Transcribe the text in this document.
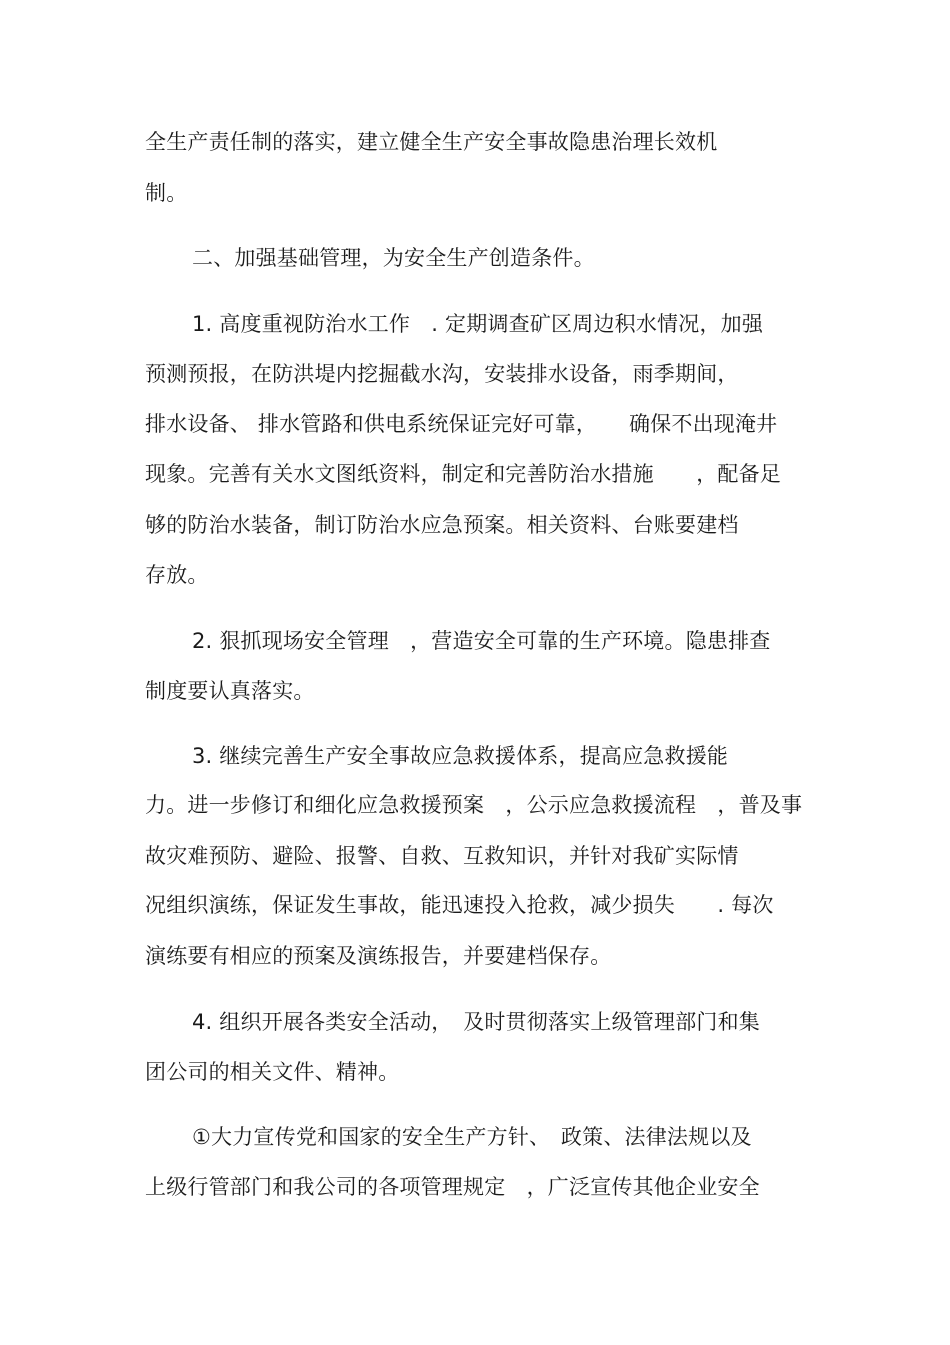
全生产责任制的落实，建立健全生产安全事故隐患治理长效机

制。

二、加强基础管理，为安全生产创造条件。

1. 高度重视防治水工作　. 定期调查矿区周边积水情况，加强

预测预报，在防洪堤内挖掘截水沟，安装排水设备，雨季期间，

排水设备、 排水管路和供电系统保证完好可靠，　　确保不出现淹井

现象。完善有关水文图纸资料，制定和完善防治水措施　　，配备足

够的防治水装备，制订防治水应急预案。相关资料、台账要建档

存放。

2. 狠抓现场安全管理　，营造安全可靠的生产环境。隐患排查

制度要认真落实。

3. 继续完善生产安全事故应急救援体系，提高应急救援能

力。进一步修订和细化应急救援预案　，公示应急救援流程　，普及事

故灾难预防、避险、报警、自救、互救知识，并针对我矿实际情

况组织演练，保证发生事故，能迅速投入抢救，减少损失　　. 每次

演练要有相应的预案及演练报告，并要建档保存。

4. 组织开展各类安全活动，　及时贯彻落实上级管理部门和集

团公司的相关文件、精神。

①大力宣传党和国家的安全生产方针、　政策、法律法规以及

上级行管部门和我公司的各项管理规定　，广泛宣传其他企业安全
